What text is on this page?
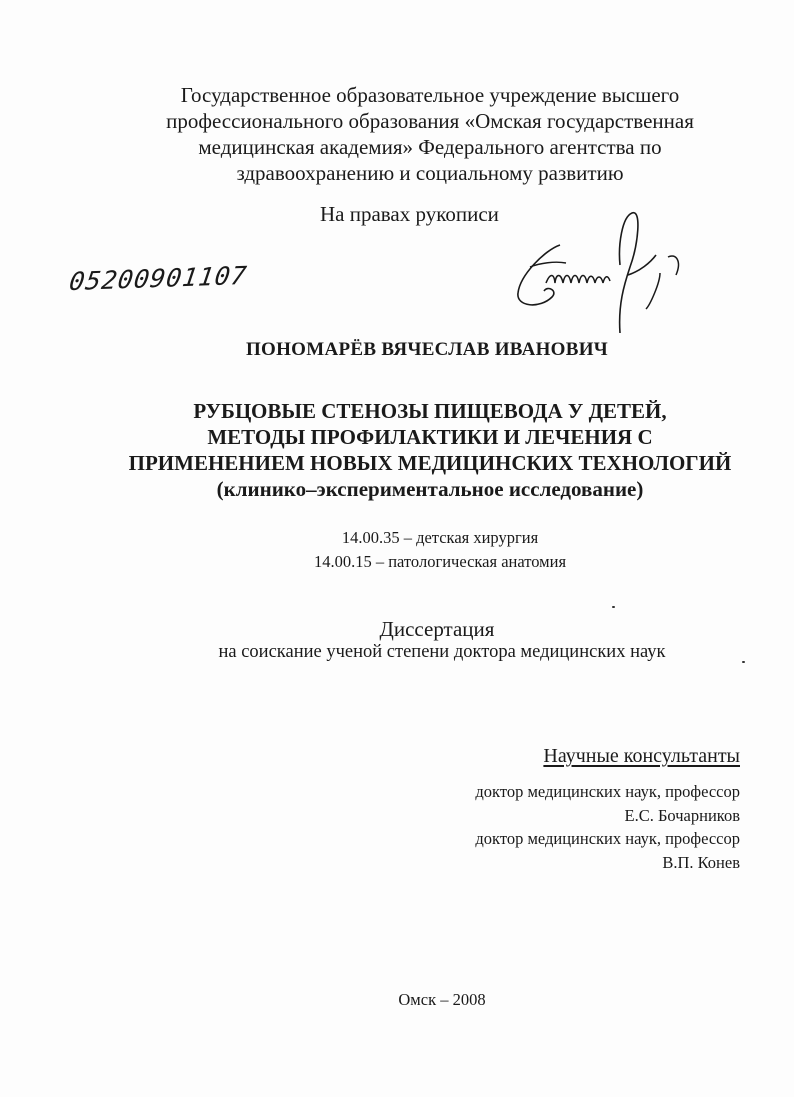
Государственное образовательное учреждение высшего
профессионального образования «Омская государственная
медицинская академия» Федерального агентства по
здравоохранению и социальному развитию
На правах рукописи
05200901107
ПОНОМАРЁВ ВЯЧЕСЛАВ ИВАНОВИЧ
РУБЦОВЫЕ СТЕНОЗЫ ПИЩЕВОДА У ДЕТЕЙ,
МЕТОДЫ ПРОФИЛАКТИКИ И ЛЕЧЕНИЯ С
ПРИМЕНЕНИЕМ НОВЫХ МЕДИЦИНСКИХ ТЕХНОЛОГИЙ
(клинико–экспериментальное исследование)
14.00.35 – детская хирургия
14.00.15 – патологическая анатомия
Диссертация
на соискание ученой степени доктора медицинских наук
Научные консультанты
доктор медицинских наук, профессор
Е.С. Бочарников
доктор медицинских наук, профессор
В.П. Конев
Омск – 2008
